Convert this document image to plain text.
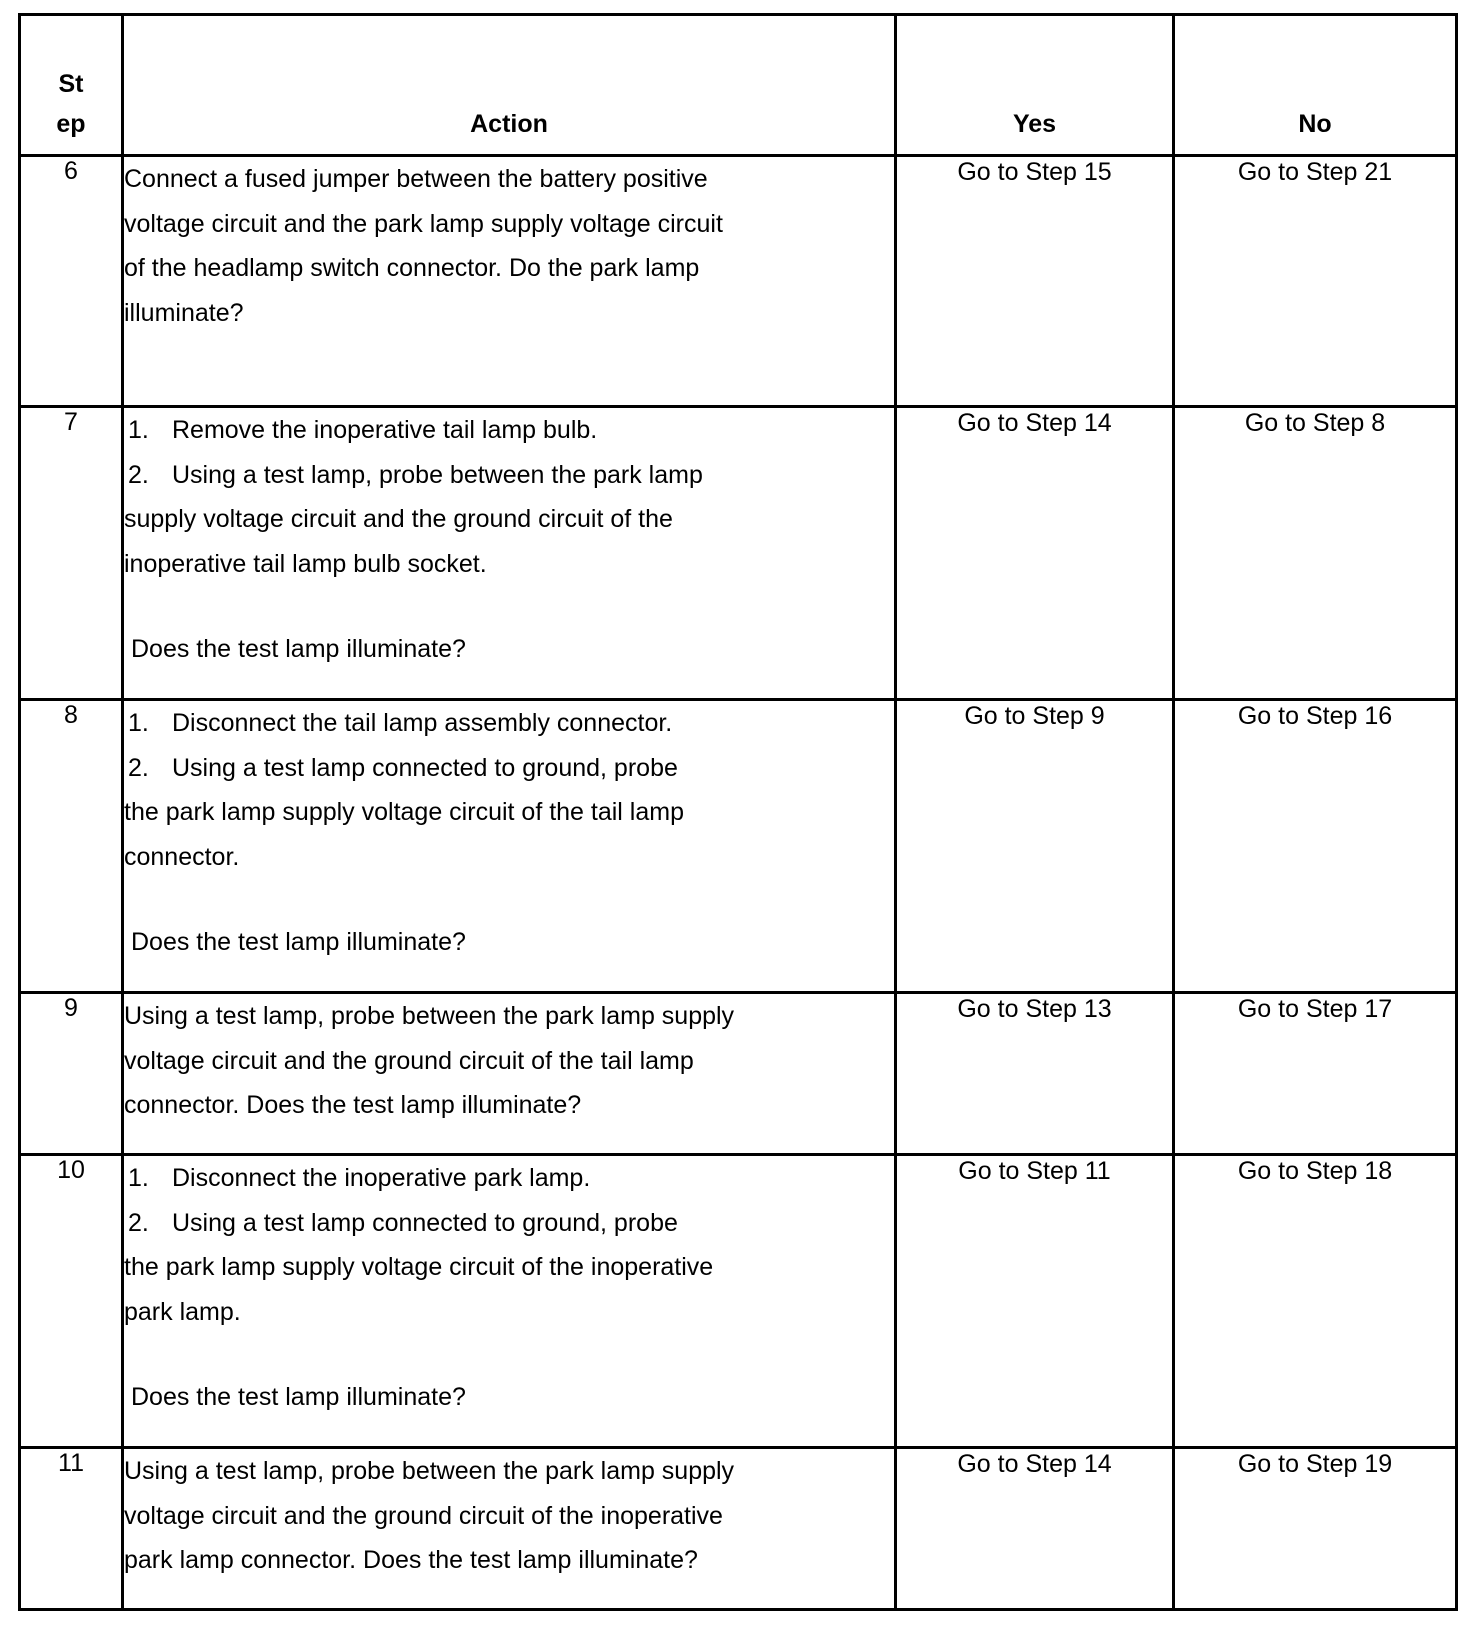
St
ep	Action	Yes	No
6	Connect a fused jumper between the battery positive
voltage circuit and the park lamp supply voltage circuit
of the headlamp switch connector. Do the park lamp
illuminate?	Go to Step 15	Go to Step 21
7	1. Remove the inoperative tail lamp bulb.
2. Using a test lamp, probe between the park lamp
supply voltage circuit and the ground circuit of the
inoperative tail lamp bulb socket.
Does the test lamp illuminate?	Go to Step 14	Go to Step 8
8	1. Disconnect the tail lamp assembly connector.
2. Using a test lamp connected to ground, probe
the park lamp supply voltage circuit of the tail lamp
connector.
Does the test lamp illuminate?	Go to Step 9	Go to Step 16
9	Using a test lamp, probe between the park lamp supply
voltage circuit and the ground circuit of the tail lamp
connector. Does the test lamp illuminate?	Go to Step 13	Go to Step 17
10	1. Disconnect the inoperative park lamp.
2. Using a test lamp connected to ground, probe
the park lamp supply voltage circuit of the inoperative
park lamp.
Does the test lamp illuminate?	Go to Step 11	Go to Step 18
11	Using a test lamp, probe between the park lamp supply
voltage circuit and the ground circuit of the inoperative
park lamp connector. Does the test lamp illuminate?	Go to Step 14	Go to Step 19
